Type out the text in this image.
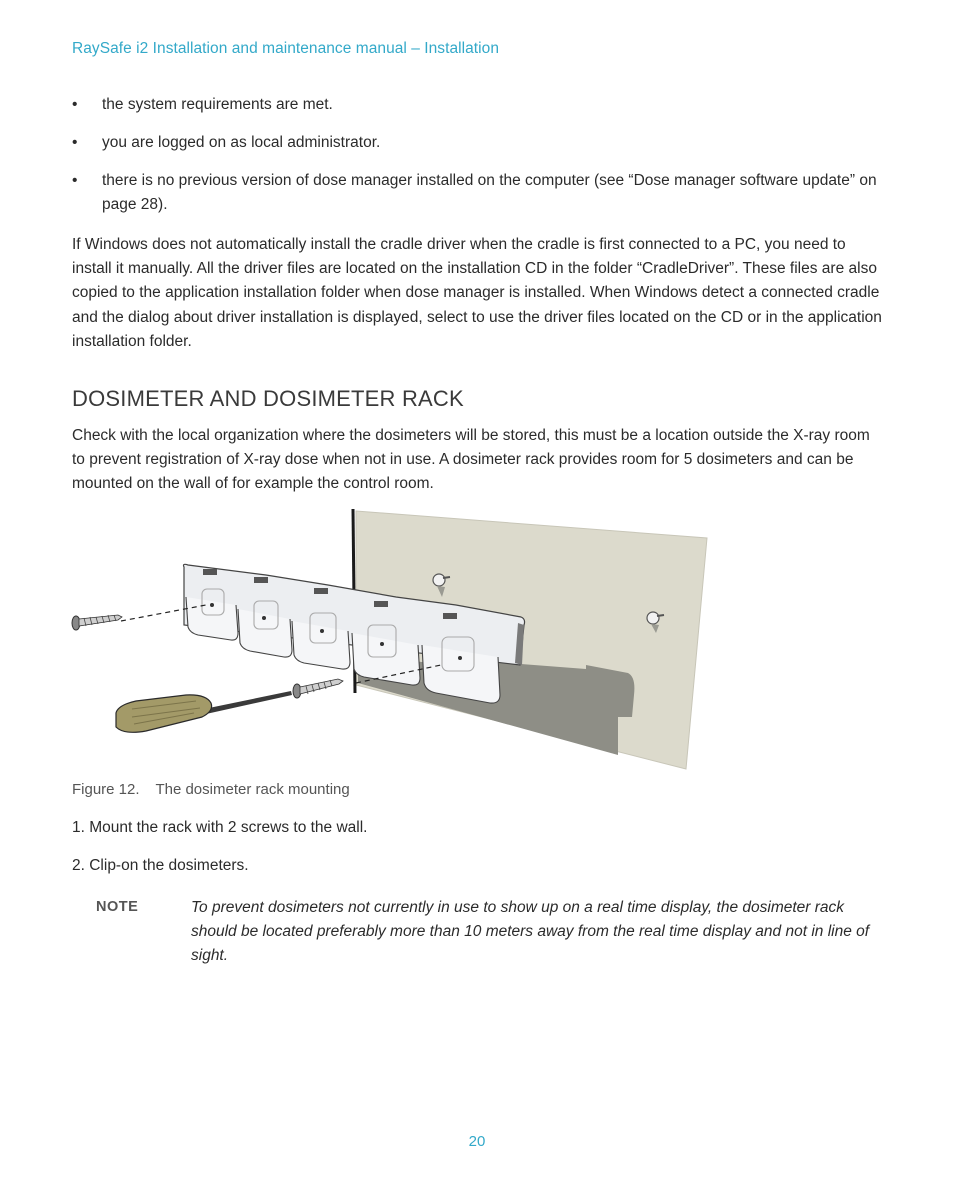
RaySafe i2 Installation and maintenance manual – Installation
• the system requirements are met.
• you are logged on as local administrator.
• there is no previous version of dose manager installed on the computer (see “Dose manager software update” on page 28).

If Windows does not automatically install the cradle driver when the cradle is first connected to a PC, you need to install it manually. All the driver files are located on the installation CD in the folder “CradleDriver”. These files are also copied to the application installation folder when dose manager is installed. When Windows detect a connected cradle and the dialog about driver installation is displayed, select to use the driver files located on the CD or in the application installation folder.

DOSIMETER AND DOSIMETER RACK

Check with the local organization where the dosimeters will be stored, this must be a location outside the X-ray room to prevent registration of X-ray dose when not in use. A dosimeter rack provides room for 5 dosimeters and can be mounted on the wall of for example the control room.

Figure 12. The dosimeter rack mounting

1. Mount the rack with 2 screws to the wall.

2. Clip-on the dosimeters.

NOTE	To prevent dosimeters not currently in use to show up on a real time display, the dosimeter rack should be located preferably more than 10 meters away from the real time display and not in line of sight.

20
